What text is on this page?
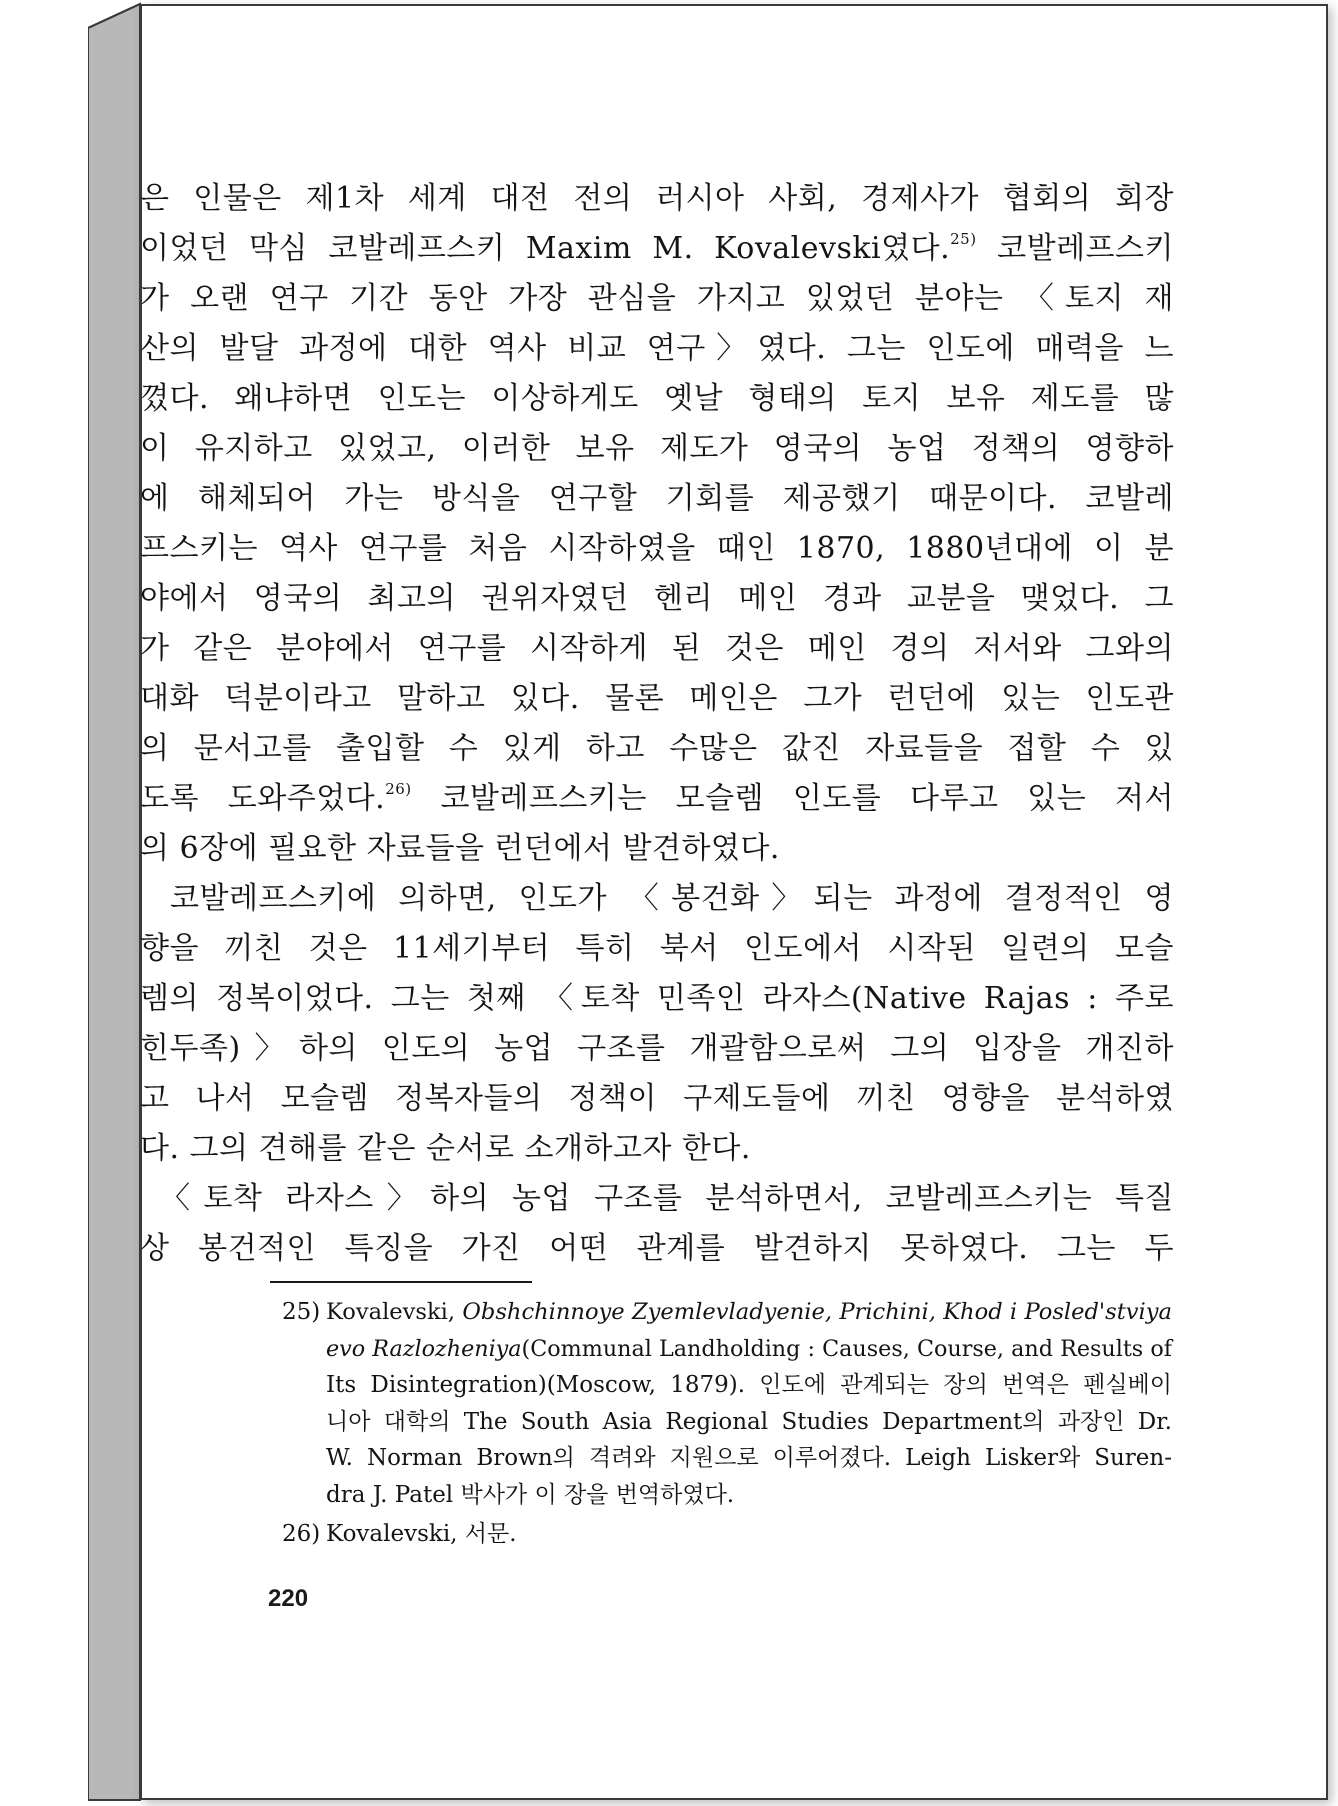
은 인물은 제1차 세계 대전 전의 러시아 사회, 경제사가 협회의 회장
이었던 막심 코발레프스키 Maxim M. Kovalevski였다.$^{25)}$ 코발레프스키
가 오랜 연구 기간 동안 가장 관심을 가지고 있었던 분야는 〈토지 재
산의 발달 과정에 대한 역사 비교 연구〉였다. 그는 인도에 매력을 느
꼈다. 왜냐하면 인도는 이상하게도 옛날 형태의 토지 보유 제도를 많
이 유지하고 있었고, 이러한 보유 제도가 영국의 농업 정책의 영향하
에 해체되어 가는 방식을 연구할 기회를 제공했기 때문이다. 코발레
프스키는 역사 연구를 처음 시작하였을 때인 1870, 1880년대에 이 분
야에서 영국의 최고의 권위자였던 헨리 메인 경과 교분을 맺었다. 그
가 같은 분야에서 연구를 시작하게 된 것은 메인 경의 저서와 그와의
대화 덕분이라고 말하고 있다. 물론 메인은 그가 런던에 있는 인도관
의 문서고를 출입할 수 있게 하고 수많은 값진 자료들을 접할 수 있
도록 도와주었다.$^{26)}$ 코발레프스키는 모슬렘 인도를 다루고 있는 저서
의 6장에 필요한 자료들을 런던에서 발견하였다.

코발레프스키에 의하면, 인도가 〈봉건화〉되는 과정에 결정적인 영
향을 끼친 것은 11세기부터 특히 북서 인도에서 시작된 일련의 모슬
렘의 정복이었다. 그는 첫째 〈토착 민족인 라자스(Native Rajas : 주로
힌두족)〉하의 인도의 농업 구조를 개괄함으로써 그의 입장을 개진하
고 나서 모슬렘 정복자들의 정책이 구제도들에 끼친 영향을 분석하였
다. 그의 견해를 같은 순서로 소개하고자 한다.

〈토착 라자스〉하의 농업 구조를 분석하면서, 코발레프스키는 특질
상 봉건적인 특징을 가진 어떤 관계를 발견하지 못하였다. 그는 두

25) Kovalevski, Obshchinnoye Zyemlevladyenie, Prichini, Khod i Posled'stviya
evo Razlozheniya(Communal Landholding : Causes, Course, and Results of
Its Disintegration)(Moscow, 1879). 인도에 관계되는 장의 번역은 펜실베이
니아 대학의 The South Asia Regional Studies Department의 과장인 Dr.
W. Norman Brown의 격려와 지원으로 이루어졌다. Leigh Lisker와 Suren-
dra J. Patel 박사가 이 장을 번역하였다.
26) Kovalevski, 서문.
220
